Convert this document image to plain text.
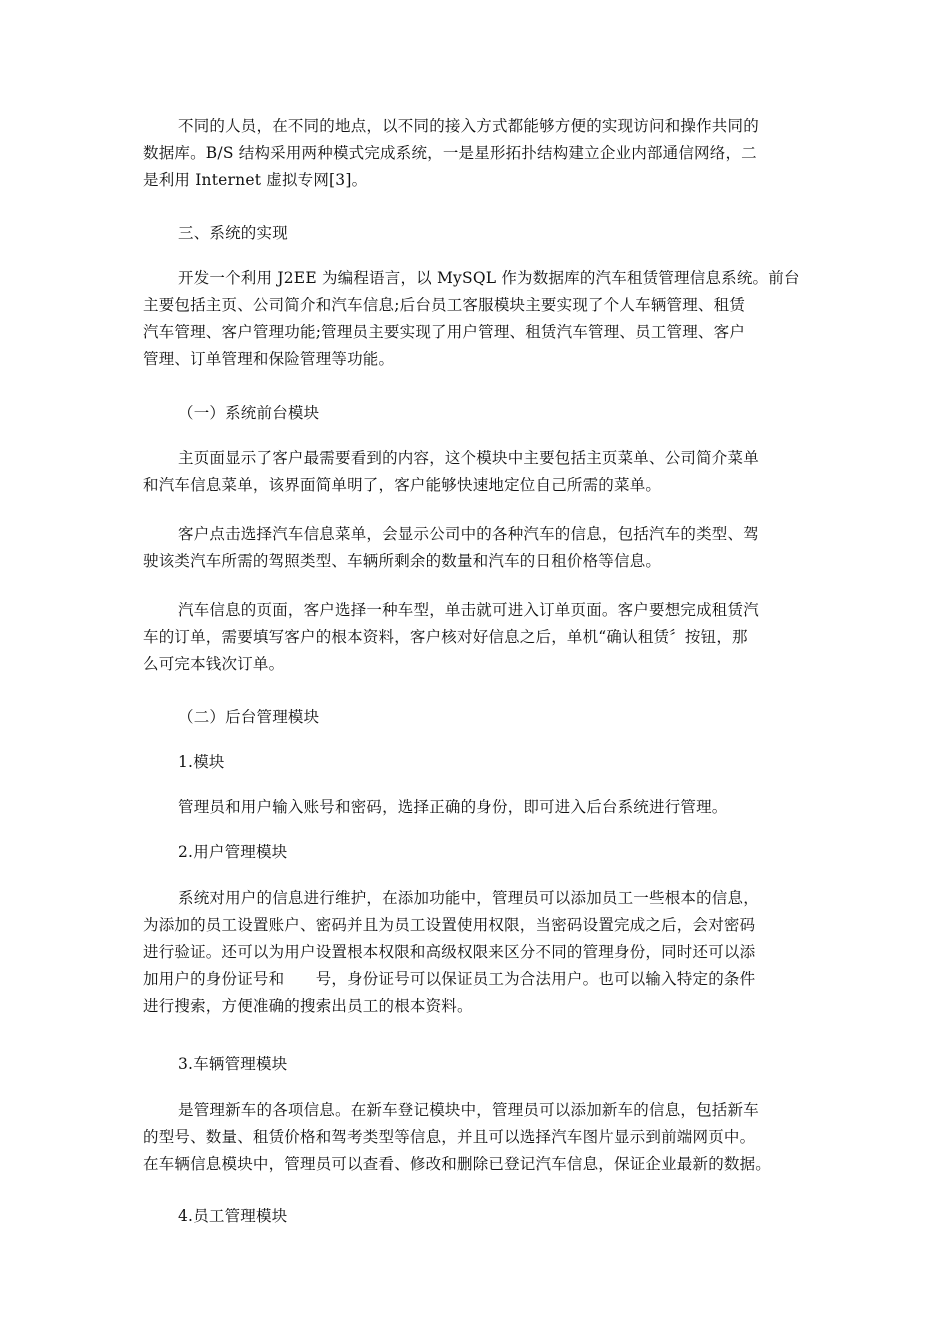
不同的人员，在不同的地点，以不同的接入方式都能够方便的实现访问和操作共同的
数据库。B/S 结构采用两种模式完成系统，一是星形拓扑结构建立企业内部通信网络，二
是利用 Internet 虚拟专网[3]。

三、系统的实现

开发一个利用 J2EE 为编程语言，以 MySQL 作为数据库的汽车租赁管理信息系统。前台
主要包括主页、公司简介和汽车信息;后台员工客服模块主要实现了个人车辆管理、租赁
汽车管理、客户管理功能;管理员主要实现了用户管理、租赁汽车管理、员工管理、客户
管理、订单管理和保险管理等功能。

（一）系统前台模块

主页面显示了客户最需要看到的内容，这个模块中主要包括主页菜单、公司简介菜单
和汽车信息菜单，该界面简单明了，客户能够快速地定位自己所需的菜单。

客户点击选择汽车信息菜单，会显示公司中的各种汽车的信息，包括汽车的类型、驾
驶该类汽车所需的驾照类型、车辆所剩余的数量和汽车的日租价格等信息。

汽车信息的页面，客户选择一种车型，单击就可进入订单页面。客户要想完成租赁汽
车的订单，需要填写客户的根本资料，客户核对好信息之后，单机“确认租赁〞按钮，那
么可完本钱次订单。

（二）后台管理模块

1.模块

管理员和用户输入账号和密码，选择正确的身份，即可进入后台系统进行管理。

2.用户管理模块

系统对用户的信息进行维护，在添加功能中，管理员可以添加员工一些根本的信息，
为添加的员工设置账户、密码并且为员工设置使用权限，当密码设置完成之后，会对密码
进行验证。还可以为用户设置根本权限和高级权限来区分不同的管理身份，同时还可以添
加用户的身份证号和　　号，身份证号可以保证员工为合法用户。也可以输入特定的条件
进行搜索，方便准确的搜索出员工的根本资料。

3.车辆管理模块

是管理新车的各项信息。在新车登记模块中，管理员可以添加新车的信息，包括新车
的型号、数量、租赁价格和驾考类型等信息，并且可以选择汽车图片显示到前端网页中。
在车辆信息模块中，管理员可以查看、修改和删除已登记汽车信息，保证企业最新的数据。

4.员工管理模块
